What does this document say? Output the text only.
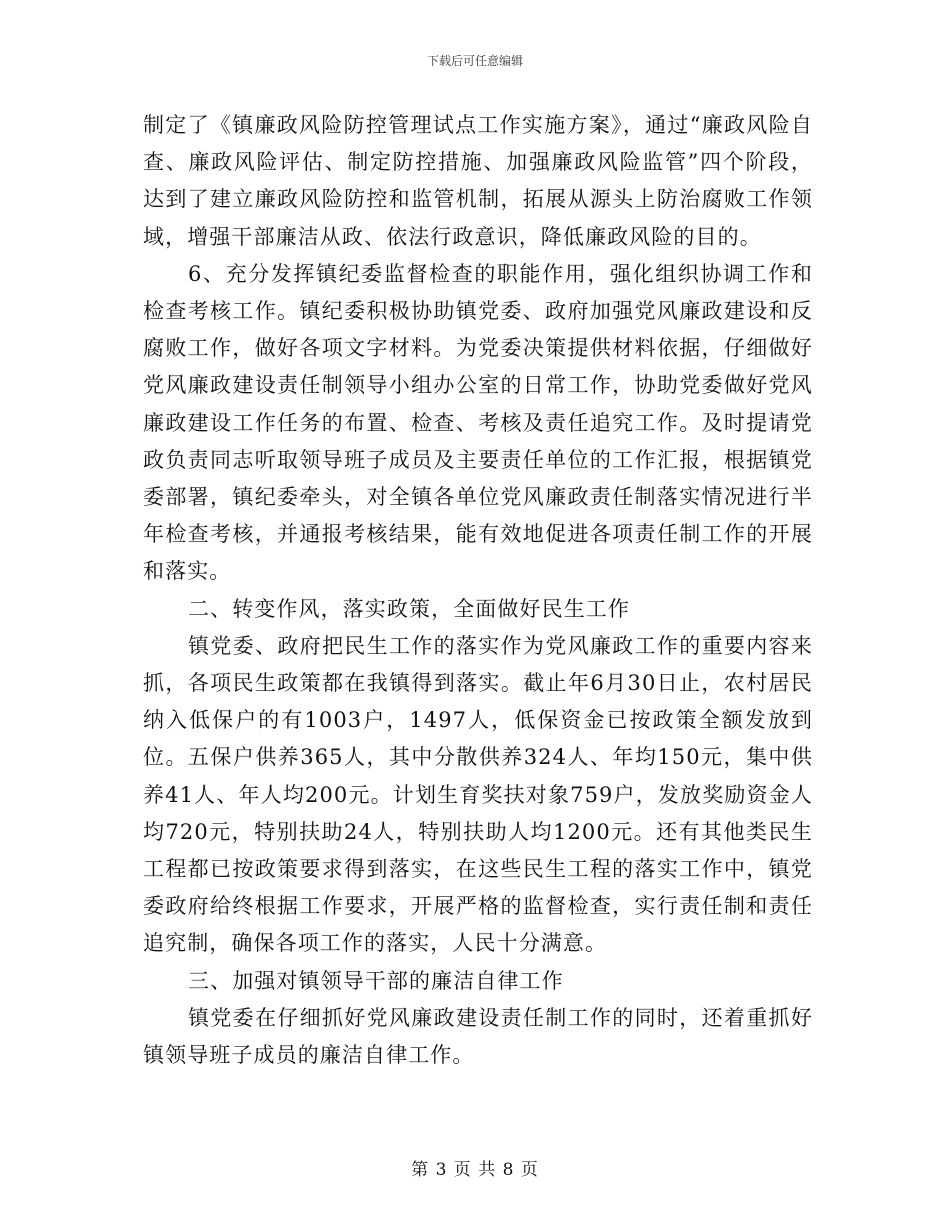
下载后可任意编辑

制定了《镇廉政风险防控管理试点工作实施方案》，通过“廉政风险自查、廉政风险评估、制定防控措施、加强廉政风险监管”四个阶段，达到了建立廉政风险防控和监管机制，拓展从源头上防治腐败工作领域，增强干部廉洁从政、依法行政意识，降低廉政风险的目的。

6、充分发挥镇纪委监督检查的职能作用，强化组织协调工作和检查考核工作。镇纪委积极协助镇党委、政府加强党风廉政建设和反腐败工作，做好各项文字材料。为党委决策提供材料依据，仔细做好党风廉政建设责任制领导小组办公室的日常工作，协助党委做好党风廉政建设工作任务的布置、检查、考核及责任追究工作。及时提请党政负责同志听取领导班子成员及主要责任单位的工作汇报，根据镇党委部署，镇纪委牵头，对全镇各单位党风廉政责任制落实情况进行半年检查考核，并通报考核结果，能有效地促进各项责任制工作的开展和落实。

二、转变作风，落实政策，全面做好民生工作

镇党委、政府把民生工作的落实作为党风廉政工作的重要内容来抓，各项民生政策都在我镇得到落实。截止年6月30日止，农村居民纳入低保户的有1003户，1497人，低保资金已按政策全额发放到位。五保户供养365人，其中分散供养324人、年均150元，集中供养41人、年人均200元。计划生育奖扶对象759户，发放奖励资金人均720元，特别扶助24人，特别扶助人均1200元。还有其他类民生工程都已按政策要求得到落实，在这些民生工程的落实工作中，镇党委政府给终根据工作要求，开展严格的监督检查，实行责任制和责任追究制，确保各项工作的落实，人民十分满意。

三、加强对镇领导干部的廉洁自律工作

镇党委在仔细抓好党风廉政建设责任制工作的同时，还着重抓好镇领导班子成员的廉洁自律工作。

第 3 页 共 8 页
